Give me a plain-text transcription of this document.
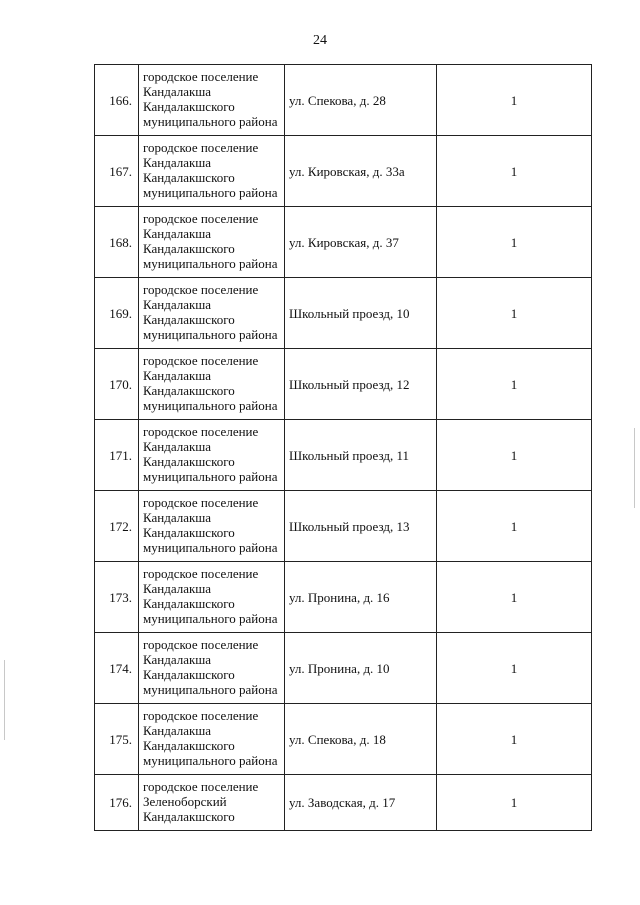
24
166.	городское поселение
Кандалакша
Кандалакшского
муниципального района	ул. Спекова, д. 28	1
167.	городское поселение
Кандалакша
Кандалакшского
муниципального района	ул. Кировская, д. 33а	1
168.	городское поселение
Кандалакша
Кандалакшского
муниципального района	ул. Кировская, д. 37	1
169.	городское поселение
Кандалакша
Кандалакшского
муниципального района	Школьный проезд, 10	1
170.	городское поселение
Кандалакша
Кандалакшского
муниципального района	Школьный проезд, 12	1
171.	городское поселение
Кандалакша
Кандалакшского
муниципального района	Школьный проезд, 11	1
172.	городское поселение
Кандалакша
Кандалакшского
муниципального района	Школьный проезд, 13	1
173.	городское поселение
Кандалакша
Кандалакшского
муниципального района	ул. Пронина, д. 16	1
174.	городское поселение
Кандалакша
Кандалакшского
муниципального района	ул. Пронина, д. 10	1
175.	городское поселение
Кандалакша
Кандалакшского
муниципального района	ул. Спекова, д. 18	1
176.	городское поселение
Зеленоборский
Кандалакшского	ул. Заводская, д. 17	1
